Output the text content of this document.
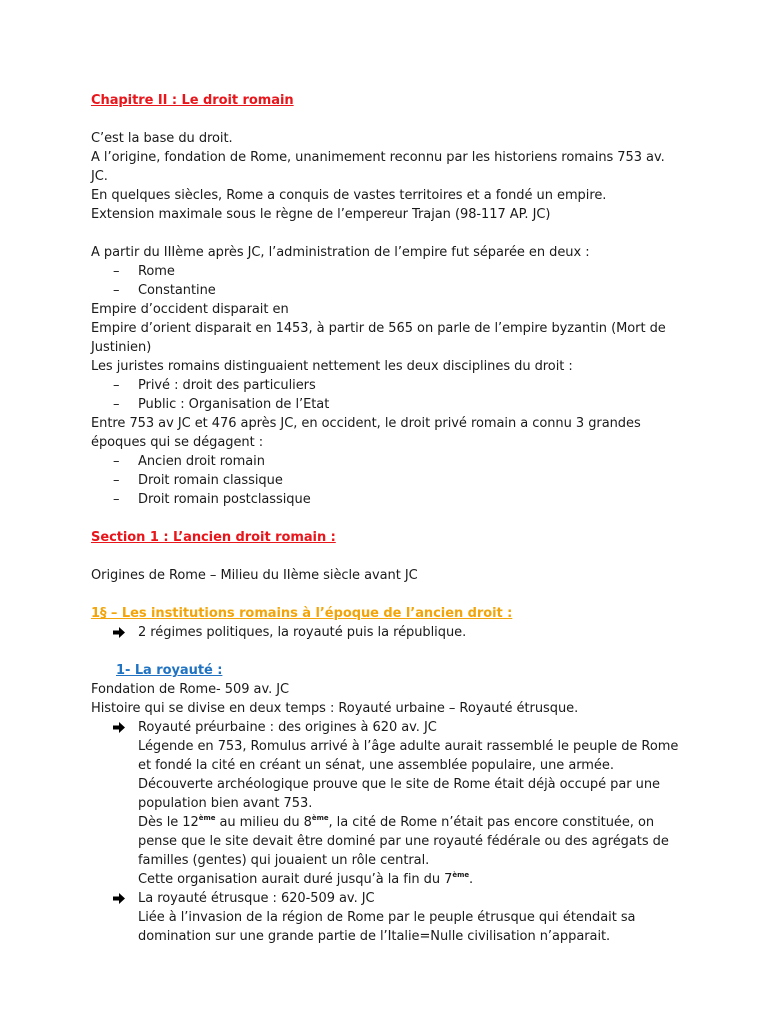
Chapitre II : Le droit romain
C’est la base du droit.
A l’origine, fondation de Rome, unanimement reconnu par les historiens romains 753 av.
JC.
En quelques siècles, Rome a conquis de vastes territoires et a fondé un empire.
Extension maximale sous le règne de l’empereur Trajan (98-117 AP. JC)
A partir du IIIème après JC, l’administration de l’empire fut séparée en deux :
– Rome
– Constantine
Empire d’occident disparait en
Empire d’orient disparait en 1453, à partir de 565 on parle de l’empire byzantin (Mort de
Justinien)
Les juristes romains distinguaient nettement les deux disciplines du droit :
– Privé : droit des particuliers
– Public : Organisation de l’Etat
Entre 753 av JC et 476 après JC, en occident, le droit privé romain a connu 3 grandes
époques qui se dégagent :
– Ancien droit romain
– Droit romain classique
– Droit romain postclassique
Section 1 : L’ancien droit romain :
Origines de Rome – Milieu du IIème siècle avant JC
1§ – Les institutions romains à l’époque de l’ancien droit :
2 régimes politiques, la royauté puis la république.
1- La royauté :
Fondation de Rome- 509 av. JC
Histoire qui se divise en deux temps : Royauté urbaine – Royauté étrusque.
Royauté préurbaine : des origines à 620 av. JC
Légende en 753, Romulus arrivé à l’âge adulte aurait rassemblé le peuple de Rome
et fondé la cité en créant un sénat, une assemblée populaire, une armée.
Découverte archéologique prouve que le site de Rome était déjà occupé par une
population bien avant 753.
Dès le 12ème au milieu du 8ème, la cité de Rome n’était pas encore constituée, on
pense que le site devait être dominé par une royauté fédérale ou des agrégats de
familles (gentes) qui jouaient un rôle central.
Cette organisation aurait duré jusqu’à la fin du 7ème.
La royauté étrusque : 620-509 av. JC
Liée à l’invasion de la région de Rome par le peuple étrusque qui étendait sa
domination sur une grande partie de l’Italie=Nulle civilisation n’apparait.
